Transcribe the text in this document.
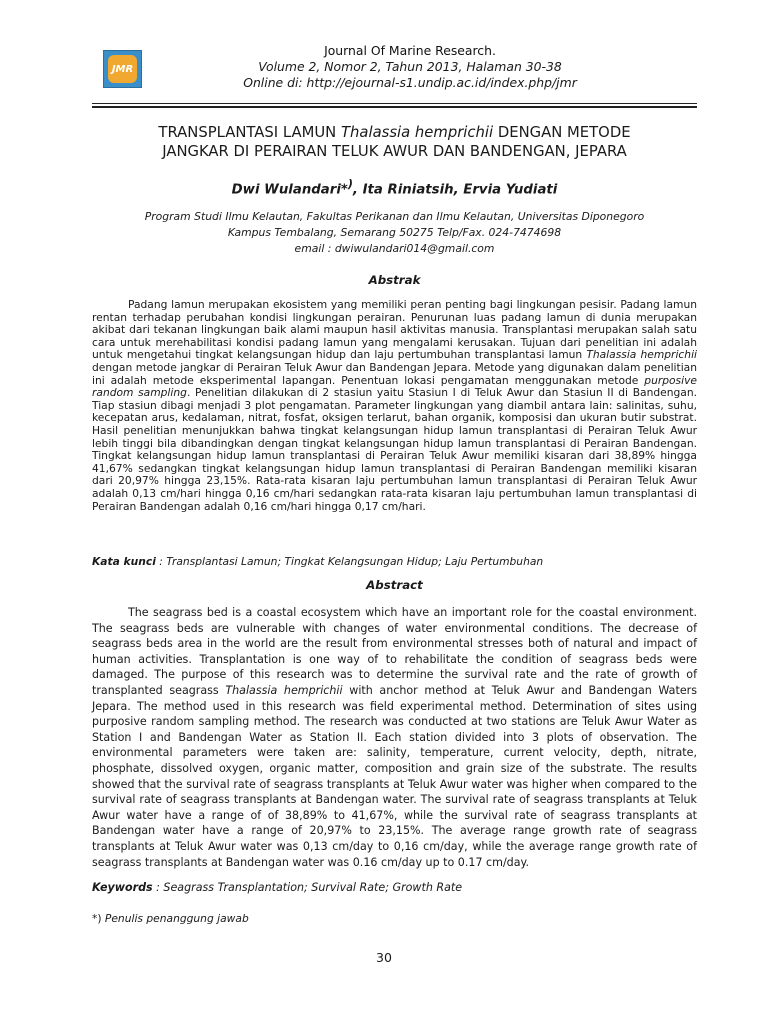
JMR
Journal Of Marine Research.
Volume 2, Nomor 2, Tahun 2013, Halaman 30-38
Online di: http://ejournal-s1.undip.ac.id/index.php/jmr
TRANSPLANTASI LAMUN Thalassia hemprichii DENGAN METODE
JANGKAR DI PERAIRAN TELUK AWUR DAN BANDENGAN, JEPARA
Dwi Wulandari*), Ita Riniatsih, Ervia Yudiati
Program Studi Ilmu Kelautan, Fakultas Perikanan dan Ilmu Kelautan, Universitas Diponegoro
Kampus Tembalang, Semarang 50275 Telp/Fax. 024-7474698
email : dwiwulandari014@gmail.com
Abstrak

Padang lamun merupakan ekosistem yang memiliki peran penting bagi lingkungan pesisir. Padang lamun rentan terhadap perubahan kondisi lingkungan perairan. Penurunan luas padang lamun di dunia merupakan akibat dari tekanan lingkungan baik alami maupun hasil aktivitas manusia. Transplantasi merupakan salah satu cara untuk merehabilitasi kondisi padang lamun yang mengalami kerusakan. Tujuan dari penelitian ini adalah untuk mengetahui tingkat kelangsungan hidup dan laju pertumbuhan transplantasi lamun Thalassia hemprichii dengan metode jangkar di Perairan Teluk Awur dan Bandengan Jepara. Metode yang digunakan dalam penelitian ini adalah metode eksperimental lapangan. Penentuan lokasi pengamatan menggunakan metode purposive random sampling. Penelitian dilakukan di 2 stasiun yaitu Stasiun I di Teluk Awur dan Stasiun II di Bandengan. Tiap stasiun dibagi menjadi 3 plot pengamatan. Parameter lingkungan yang diambil antara lain: salinitas, suhu, kecepatan arus, kedalaman, nitrat, fosfat, oksigen terlarut, bahan organik, komposisi dan ukuran butir substrat. Hasil penelitian menunjukkan bahwa tingkat kelangsungan hidup lamun transplantasi di Perairan Teluk Awur lebih tinggi bila dibandingkan dengan tingkat kelangsungan hidup lamun transplantasi di Perairan Bandengan. Tingkat kelangsungan hidup lamun transplantasi di Perairan Teluk Awur memiliki kisaran dari 38,89% hingga 41,67% sedangkan tingkat kelangsungan hidup lamun transplantasi di Perairan Bandengan memiliki kisaran dari 20,97% hingga 23,15%. Rata-rata kisaran laju pertumbuhan lamun transplantasi di Perairan Teluk Awur adalah 0,13 cm/hari hingga 0,16 cm/hari sedangkan rata-rata kisaran laju pertumbuhan lamun transplantasi di Perairan Bandengan adalah 0,16 cm/hari hingga 0,17 cm/hari.

Kata kunci : Transplantasi Lamun; Tingkat Kelangsungan Hidup; Laju Pertumbuhan
Abstract

The seagrass bed is a coastal ecosystem which have an important role for the coastal environment. The seagrass beds are vulnerable with changes of water environmental conditions. The decrease of seagrass beds area in the world are the result from environmental stresses both of natural and impact of human activities. Transplantation is one way of to rehabilitate the condition of seagrass beds were damaged. The purpose of this research was to determine the survival rate and the rate of growth of transplanted seagrass Thalassia hemprichii with anchor method at Teluk Awur and Bandengan Waters Jepara. The method used in this research was field experimental method. Determination of sites using purposive random sampling method. The research was conducted at two stations are Teluk Awur Water as Station I and Bandengan Water as Station II. Each station divided into 3 plots of observation. The environmental parameters were taken are: salinity, temperature, current velocity, depth, nitrate, phosphate, dissolved oxygen, organic matter, composition and grain size of the substrate. The results showed that the survival rate of seagrass transplants at Teluk Awur water was higher when compared to the survival rate of seagrass transplants at Bandengan water. The survival rate of seagrass transplants at Teluk Awur water have a range of of 38,89% to 41,67%, while the survival rate of seagrass transplants at Bandengan water have a range of 20,97% to 23,15%. The average range growth rate of seagrass transplants at Teluk Awur water was 0,13 cm/day to 0,16 cm/day, while the average range growth rate of seagrass transplants at Bandengan water was 0.16 cm/day up to 0.17 cm/day.

Keywords : Seagrass Transplantation; Survival Rate; Growth Rate
*) Penulis penanggung jawab
30
